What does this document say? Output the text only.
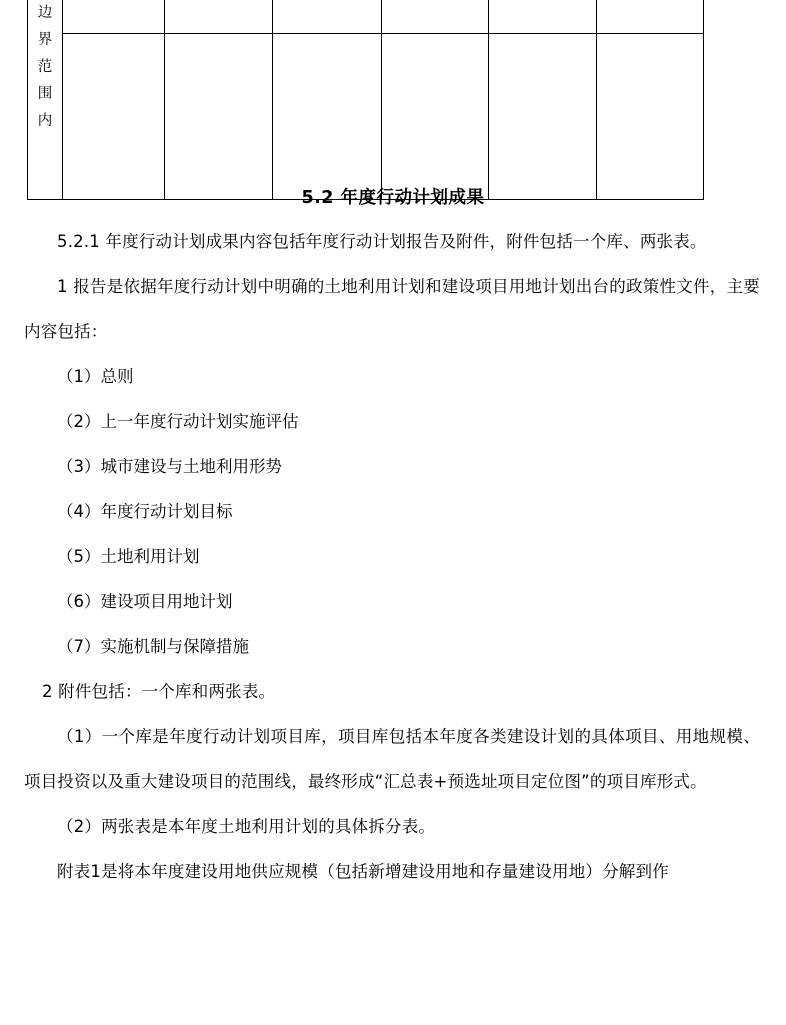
边
界
范
围
内						

5.2 年度行动计划成果

5.2.1 年度行动计划成果内容包括年度行动计划报告及附件，附件包括一个库、两张表。

1 报告是依据年度行动计划中明确的土地利用计划和建设项目用地计划出台的政策性文件，主要内容包括：

（1）总则

（2）上一年度行动计划实施评估

（3）城市建设与土地利用形势

（4）年度行动计划目标

（5）土地利用计划

（6）建设项目用地计划

（7）实施机制与保障措施

2 附件包括：一个库和两张表。

（1）一个库是年度行动计划项目库，项目库包括本年度各类建设计划的具体项目、用地规模、项目投资以及重大建设项目的范围线，最终形成“汇总表+预选址项目定位图”的项目库形式。

（2）两张表是本年度土地利用计划的具体拆分表。

附表1是将本年度建设用地供应规模（包括新增建设用地和存量建设用地）分解到作
